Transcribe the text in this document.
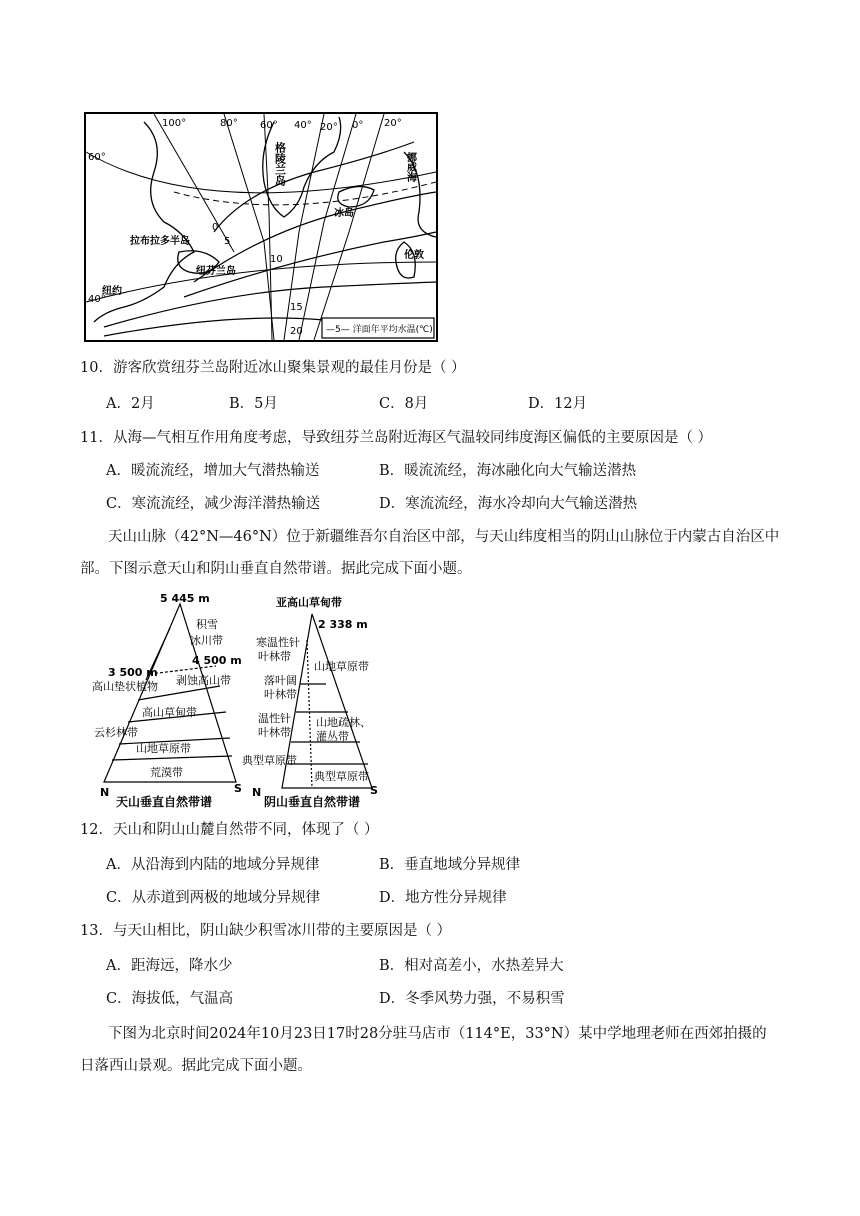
60°
40°
100°	80° 60° 40° 20° 0° 20°
格陵兰岛
冰岛
挪威海
拉布拉多半岛
纽芬兰岛
纽约
伦敦
0
5
10
15
20	—5— 洋面年平均水温(℃)
10．游客欣赏纽芬兰岛附近冰山聚集景观的最佳月份是（ ）
A．2月	B．5月	C．8月	D．12月
11．从海—气相互作用角度考虑，导致纽芬兰岛附近海区气温较同纬度海区偏低的主要原因是（ ）
A．暖流流经，增加大气潜热输送	B．暖流流经，海冰融化向大气输送潜热
C．寒流流经，减少海洋潜热输送	D．寒流流经，海水冷却向大气输送潜热
天山山脉（42°N—46°N）位于新疆维吾尔自治区中部，与天山纬度相当的阴山山脉位于内蒙古自治区中部。下图示意天山和阴山垂直自然带谱。据此完成下面小题。
5 445 m
积雪
冰川带
4 500 m
3 500 m
高山垫状植物 剥蚀高山带
高山草甸带
云杉林带
山地草原带
荒漠带
N	S
天山垂直自然带谱
亚高山草甸带
2 338 m
寒温性针
叶林带
落叶阔
叶林带
温性针
叶林带
典型草原带
山地草原带
山地疏林、
灌丛带
典型草原带
N	S
阴山垂直自然带谱
12．天山和阴山山麓自然带不同，体现了（ ）
A．从沿海到内陆的地域分异规律	B．垂直地域分异规律
C．从赤道到两极的地域分异规律	D．地方性分异规律
13．与天山相比，阴山缺少积雪冰川带的主要原因是（ ）
A．距海远，降水少	B．相对高差小，水热差异大
C．海拔低，气温高	D．冬季风势力强，不易积雪
下图为北京时间2024年10月23日17时28分驻马店市（114°E，33°N）某中学地理老师在西郊拍摄的日落西山景观。据此完成下面小题。
